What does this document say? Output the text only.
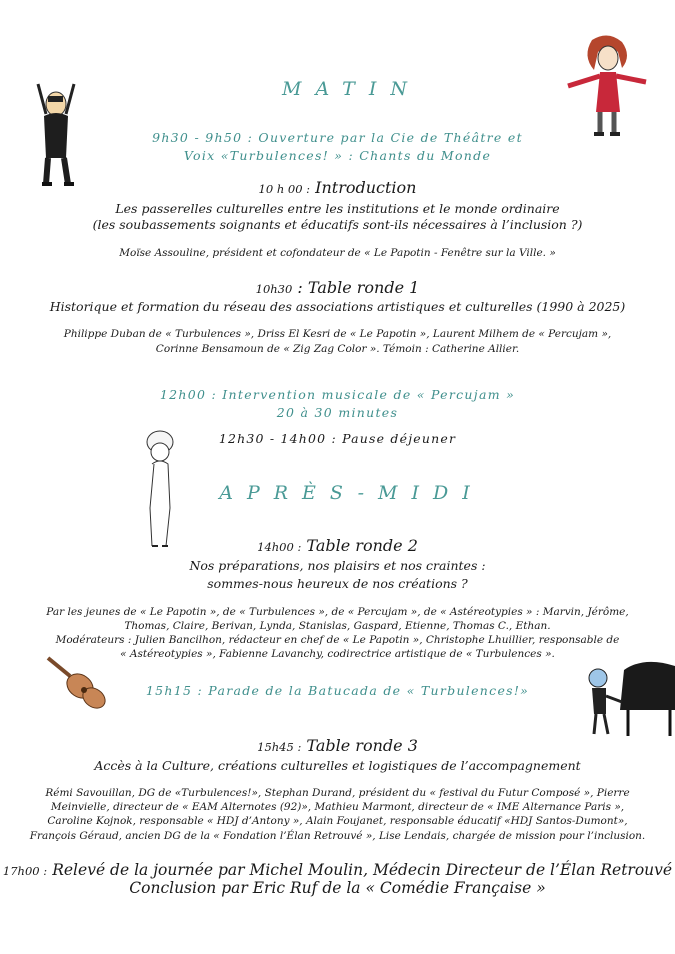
MATIN
9h30 - 9h50 : Ouverture par la Cie de Théâtre et
Voix «Turbulences! » : Chants du Monde
10 h 00 : Introduction
Les passerelles culturelles entre les institutions et le monde ordinaire
(les soubassements soignants et éducatifs sont-ils nécessaires à l’inclusion ?)
Moïse Assouline, président et cofondateur de « Le Papotin - Fenêtre sur la Ville. »
10h30 : Table ronde 1
Historique et formation du réseau des associations artistiques et culturelles (1990 à 2025)
Philippe Duban de « Turbulences », Driss El Kesri de « Le Papotin », Laurent Milhem de « Percujam »,
Corinne Bensamoun de « Zig Zag Color ». Témoin : Catherine Allier.
12h00 : Intervention musicale de « Percujam »
20 à 30 minutes
12h30 - 14h00 : Pause déjeuner
APRÈS-MIDI
14h00 : Table ronde 2
Nos préparations, nos plaisirs et nos craintes :
sommes-nous heureux de nos créations ?
Par les jeunes de « Le Papotin », de « Turbulences », de « Percujam », de « Astéreotypies » : Marvin, Jérôme,
Thomas, Claire, Berivan, Lynda, Stanislas, Gaspard, Etienne, Thomas C., Ethan.
Modérateurs : Julien Bancilhon, rédacteur en chef de « Le Papotin », Christophe Lhuillier, responsable de
« Astéreotypies », Fabienne Lavanchy, codirectrice artistique de « Turbulences ».
15h15 : Parade de la Batucada de « Turbulences!»
15h45 : Table ronde 3
Accès à la Culture, créations culturelles et logistiques de l’accompagnement
Rémi Savouillan, DG de «Turbulences!», Stephan Durand, président du « festival du Futur Composé », Pierre
Meinvielle, directeur de « EAM Alternotes (92)», Mathieu Marmont, directeur de « IME Alternance Paris »,
Caroline Kojnok, responsable « HDJ d’Antony », Alain Foujanet, responsable éducatif «HDJ Santos-Dumont»,
François Géraud, ancien DG de la « Fondation l’Élan Retrouvé », Lise Lendais, chargée de mission pour l’inclusion.
17h00 : Relevé de la journée par Michel Moulin, Médecin Directeur de l’Élan Retrouvé
Conclusion par Eric Ruf de la « Comédie Française »
